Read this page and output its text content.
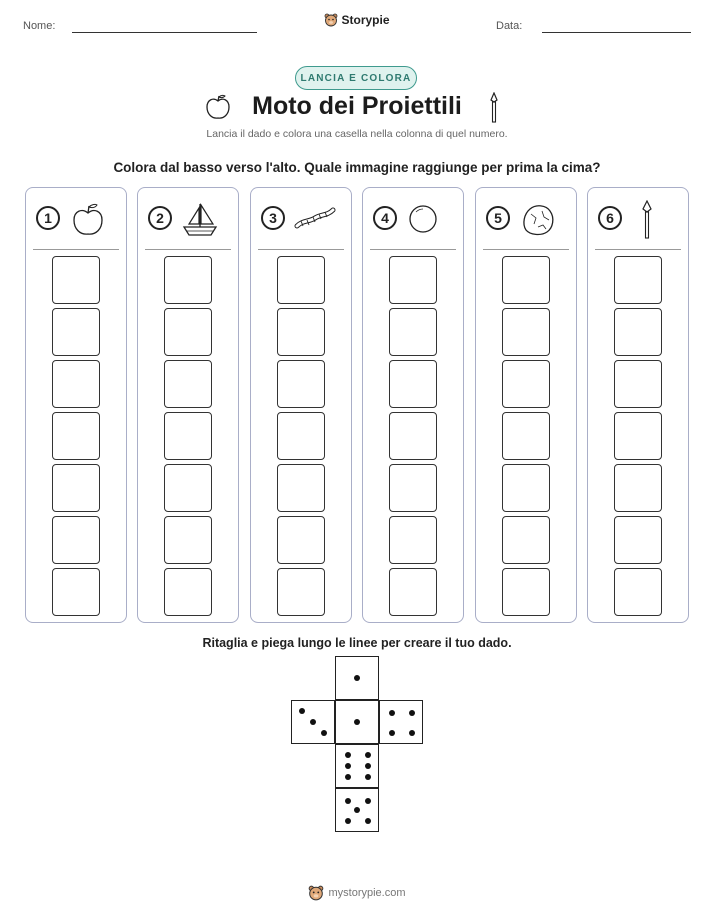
Nome:	Storypie	Data:
LANCIA E COLORA
Moto dei Proiettili
Lancia il dado e colora una casella nella colonna di quel numero.
Colora dal basso verso l'alto. Quale immagine raggiunge per prima la cima?
1	2	3	4	5	6
Ritaglia e piega lungo le linee per creare il tuo dado.
mystorypie.com
